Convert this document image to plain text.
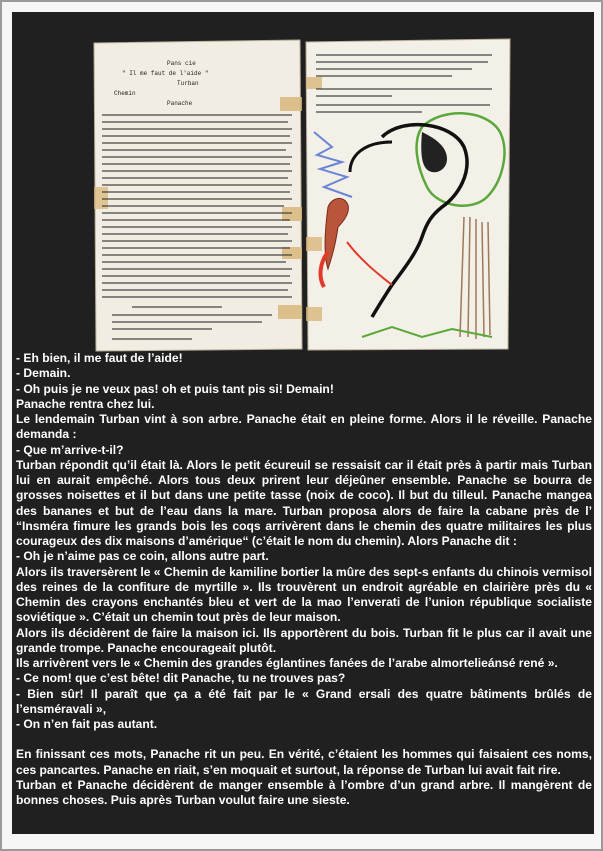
Pans cie
" Il me faut de l'aide "
Turban
Chemin
Panache

- Eh bien, il me faut de l’aide!

- Demain.

- Oh puis je ne veux pas! oh et puis tant pis si! Demain!

Panache rentra chez lui.

Le lendemain Turban vint à son arbre. Panache était en pleine forme. Alors il le réveille. Panache demanda :

- Que m’arrive-t-il?

Turban répondit qu’il était là. Alors le petit écureuil se ressaisit car il était près à partir mais Turban lui en aurait empêché. Alors tous deux prirent leur déjeûner ensemble. Panache se bourra de grosses noisettes et il but dans une petite tasse (noix de coco). Il but du tilleul. Panache mangea des bananes et but de l’eau dans la mare. Turban proposa alors de faire la cabane près de l’ “Insméra fimure les grands bois les coqs arrivèrent dans le chemin des quatre militaires les plus courageux des dix maisons d’amérique“ (c’était le nom du chemin). Alors Panache dit :

- Oh je n’aime pas ce coin, allons autre part.

Alors ils traversèrent le « Chemin de kamiline bortier la mûre des sept-s enfants du chinois vermisol des reines de la confiture de myrtille ». Ils trouvèrent un endroit agréable en clairière près du « Chemin des crayons enchantés bleu et vert de la mao l’enverati de l’union république socialiste soviétique ». C’était un chemin tout près de leur maison.

Alors ils décidèrent de faire la maison ici. Ils apportèrent du bois. Turban fit le plus car il avait une grande trompe. Panache encourageait plutôt.

Ils arrivèrent vers le « Chemin des grandes églantines fanées de l’arabe almortelieánsé rené ».

- Ce nom! que c’est bête! dit Panache, tu ne trouves pas?

- Bien sûr! Il paraît que ça a été fait par le « Grand ersali des quatre bâtiments brûlés de l’ensméravali »,

- On n’en fait pas autant.

En finissant ces mots, Panache rit un peu. En vérité, c’étaient les hommes qui faisaient ces noms, ces pancartes. Panache en riait, s’en moquait et surtout, la réponse de Turban lui avait fait rire.

Turban et Panache décidèrent de manger ensemble à l’ombre d’un grand arbre. Il mangèrent de bonnes choses. Puis après Turban voulut faire une sieste.
